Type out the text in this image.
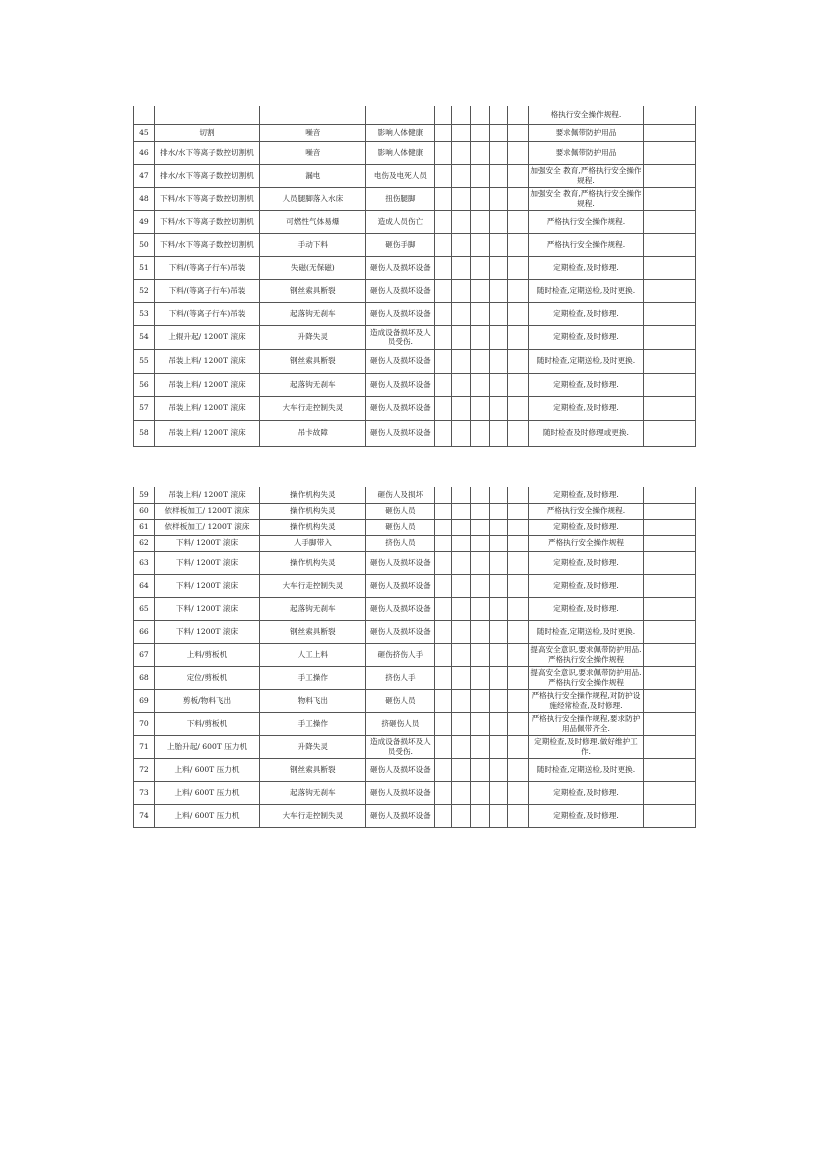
									格执行安全操作规程.	
45	切割	噪音	影响人体健康						要求佩带防护用品	
46	排水/水下等离子数控切割机	噪音	影响人体健康						要求佩带防护用品	
47	排水/水下等离子数控切割机	漏电	电伤及电死人员						加强安全 教育,严格执行安全操作规程.	
48	下料/水下等离子数控切割机	人员腿脚落入水床	扭伤腿脚						加强安全 教育,严格执行安全操作规程.	
49	下料/水下等离子数控切割机	可燃性气体易爆	造成人员伤亡						严格执行安全操作规程.	
50	下料/水下等离子数控切割机	手动下料	砸伤手脚						严格执行安全操作规程.	
51	下料/(等离子行车)吊装	失磁(无保磁)	砸伤人及损坏设备						定期检查,及时修理.	
52	下料/(等离子行车)吊装	钢丝索具断裂	砸伤人及损坏设备						随时检查,定期送检,及时更换.	
53	下料/(等离子行车)吊装	起落钩无刹车	砸伤人及损坏设备						定期检查,及时修理.	
54	上辊升起/ 1200T 滚床	升降失灵	造成设备损坏及人员受伤.						定期检查,及时修理.	
55	吊装上料/ 1200T 滚床	钢丝索具断裂	砸伤人及损坏设备						随时检查,定期送检,及时更换.	
56	吊装上料/ 1200T 滚床	起落钩无刹车	砸伤人及损坏设备						定期检查,及时修理.	
57	吊装上料/ 1200T 滚床	大车行走控制失灵	砸伤人及损坏设备						定期检查,及时修理.	
58	吊装上料/ 1200T 滚床	吊卡故障	砸伤人及损坏设备						随时检查及时修理或更换.	
59	吊装上料/ 1200T 滚床	操作机构失灵	砸伤人及损坏						定期检查,及时修理.	
60	依样板加工/ 1200T 滚床	操作机构失灵	砸伤人员						严格执行安全操作规程.	
61	依样板加工/ 1200T 滚床	操作机构失灵	砸伤人员						定期检查,及时修理.	
62	下料/ 1200T 滚床	人手脚带入	挤伤人员						严格执行安全操作规程	
63	下料/ 1200T 滚床	操作机构失灵	砸伤人及损坏设备						定期检查,及时修理.	
64	下料/ 1200T 滚床	大车行走控制失灵	砸伤人及损坏设备						定期检查,及时修理.	
65	下料/ 1200T 滚床	起落钩无刹车	砸伤人及损坏设备						定期检查,及时修理.	
66	下料/ 1200T 滚床	钢丝索具断裂	砸伤人及损坏设备						随时检查,定期送检,及时更换.	
67	上料/剪板机	人工上料	砸伤挤伤人手						提高安全意识,要求佩带防护用品.严格执行安全操作规程	
68	定位/剪板机	手工操作	挤伤人手						提高安全意识,要求佩带防护用品.严格执行安全操作规程	
69	剪板/物料飞出	物料飞出	砸伤人员						严格执行安全操作规程,对防护设施经常检查,及时修理.	
70	下料/剪板机	手工操作	挤砸伤人员						严格执行安全操作规程,要求防护用品佩带齐全.	
71	上胎升起/ 600T 压力机	升降失灵	造成设备损坏及人员受伤.						定期检查,及时修理.做好维护工作.	
72	上料/ 600T 压力机	钢丝索具断裂	砸伤人及损坏设备						随时检查,定期送检,及时更换.	
73	上料/ 600T 压力机	起落钩无刹车	砸伤人及损坏设备						定期检查,及时修理.	
74	上料/ 600T 压力机	大车行走控制失灵	砸伤人及损坏设备						定期检查,及时修理.	
